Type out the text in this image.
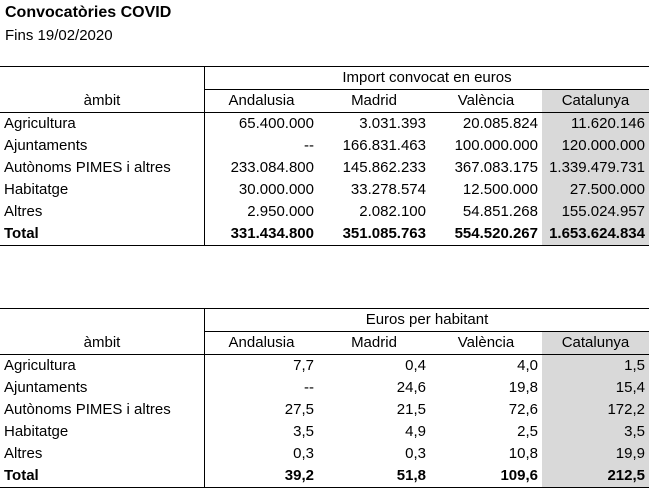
Convocatòries COVID
Fins 19/02/2020
	Import convocat en euros			
àmbit	Andalusia	Madrid	València	Catalunya
Agricultura	65.400.000	3.031.393	20.085.824	11.620.146
Ajuntaments	--	166.831.463	100.000.000	120.000.000
Autònoms PIMES i altres	233.084.800	145.862.233	367.083.175	1.339.479.731
Habitatge	30.000.000	33.278.574	12.500.000	27.500.000
Altres	2.950.000	2.082.100	54.851.268	155.024.957
Total	331.434.800	351.085.763	554.520.267	1.653.624.834
	Euros per habitant			
àmbit	Andalusia	Madrid	València	Catalunya
Agricultura	7,7	0,4	4,0	1,5
Ajuntaments	--	24,6	19,8	15,4
Autònoms PIMES i altres	27,5	21,5	72,6	172,2
Habitatge	3,5	4,9	2,5	3,5
Altres	0,3	0,3	10,8	19,9
Total	39,2	51,8	109,6	212,5
